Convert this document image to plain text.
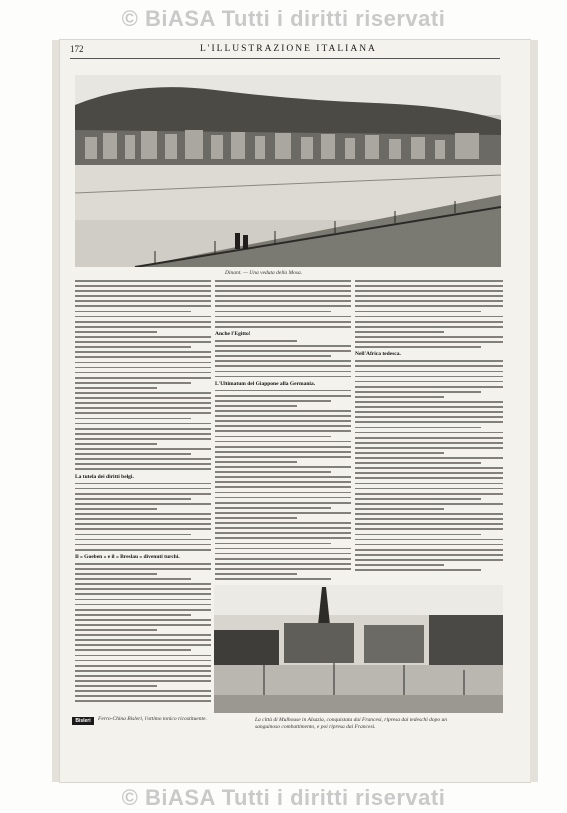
© BiASA Tutti i diritti riservati
172	L'ILLUSTRAZIONE ITALIANA
Dinant. — Una veduta della Mosa.
La tutela dei diritti belgi.
Il « Goeben » e il « Breslau » divenuti turchi.
Anche l'Egitto!
L'Ultimatum del Giappone alla Germania.
Nell'Africa tedesca.
La città di Mulhouse in Alsazia, conquistata dai Francesi, ripresa dai tedeschi dopo un sanguinoso combattimento, e poi ripresa dai Francesi.
Bisleri	Ferro-China Bisleri, l'ottimo tonico ricostituente.
© BiASA Tutti i diritti riservati
